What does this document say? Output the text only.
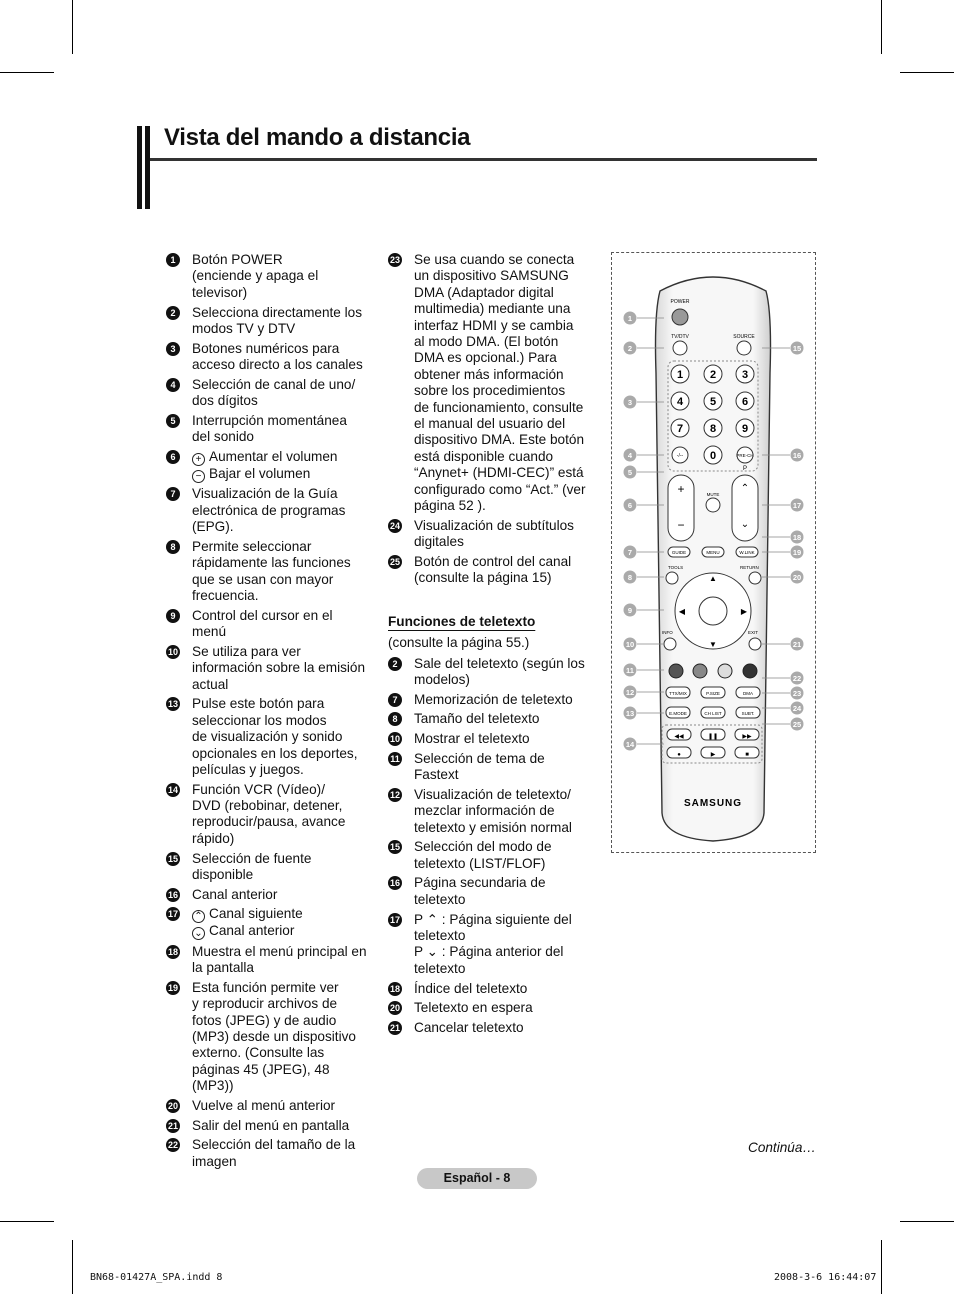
Vista del mando a distancia
1	Botón POWER
(enciende y apaga el
televisor)
2	Selecciona directamente los
modos TV y DTV
3	Botones numéricos para
acceso directo a los canales
4	Selección de canal de uno/
dos dígitos
5	Interrupción momentánea
del sonido
6	+ Aumentar el volumen
− Bajar el volumen
7	Visualización de la Guía
electrónica de programas
(EPG).
8	Permite seleccionar
rápidamente las funciones
que se usan con mayor
frecuencia.
9	Control del cursor en el
menú
10 Se utiliza para ver
información sobre la emisión
actual
13 Pulse este botón para
seleccionar los modos
de visualización y sonido
opcionales en los deportes,
películas y juegos.
14 Función VCR (Vídeo)/
DVD (rebobinar, detener,
reproducir/pausa, avance
rápido)
15 Selección de fuente
disponible
16 Canal anterior
17 ⌃ Canal siguiente
⌄ Canal anterior
18 Muestra el menú principal en
la pantalla
19 Esta función permite ver
y reproducir archivos de
fotos (JPEG) y de audio
(MP3) desde un dispositivo
externo. (Consulte las
páginas 45 (JPEG), 48
(MP3))
20 Vuelve al menú anterior
21 Salir del menú en pantalla
22 Selección del tamaño de la
imagen
23 Se usa cuando se conecta
un dispositivo SAMSUNG
DMA (Adaptador digital
multimedia) mediante una
interfaz HDMI y se cambia
al modo DMA. (El botón
DMA es opcional.) Para
obtener más información
sobre los procedimientos
de funcionamiento, consulte
el manual del usuario del
dispositivo DMA. Este botón
está disponible cuando
“Anynet+ (HDMI-CEC)” está
configurado como “Act.” (ver
página 52 ).
24 Visualización de subtítulos
digitales
25 Botón de control del canal
(consulte la página 15)
Funciones de teletexto
(consulte la página 55.)
2	Sale del teletexto (según los
modelos)
7	Memorización de teletexto
8	Tamaño del teletexto
10 Mostrar el teletexto
11 Selección de tema de
Fastext
12 Visualización de teletexto/
mezclar información de
teletexto y emisión normal
15 Selección del modo de
teletexto (LIST/FLOF)
16 Página secundaria de
teletexto
17 P ⌃ : Página siguiente del
teletexto
P ⌄ : Página anterior del
teletexto
18 Índice del teletexto
20 Teletexto en espera
21 Cancelar teletexto
POWER
TV/DTV	SOURCE
1 2 3
4 5 6
7 8 9
0
-/--	PRE-CH
+
−
MUTE
P
⌃
⌄
GUIDE	MENU	W.LINK
TOOLS	RETURN
▲
▼
◀	▶
INFO	EXIT
TTX/MIX	P.SIZE	DMA
E.MODE	CH LIST	SUBT.
◀◀	❚❚	▶▶
●	▶	■
SAMSUNG
1
2
3
4
5
6
7
8
9
10
11
12
13
14
15
16
17
18
19
20
21
22
23
24
25
Continúa…
Español - 8
BN68-01427A_SPA.indd 8	2008-3-6 16:44:07
